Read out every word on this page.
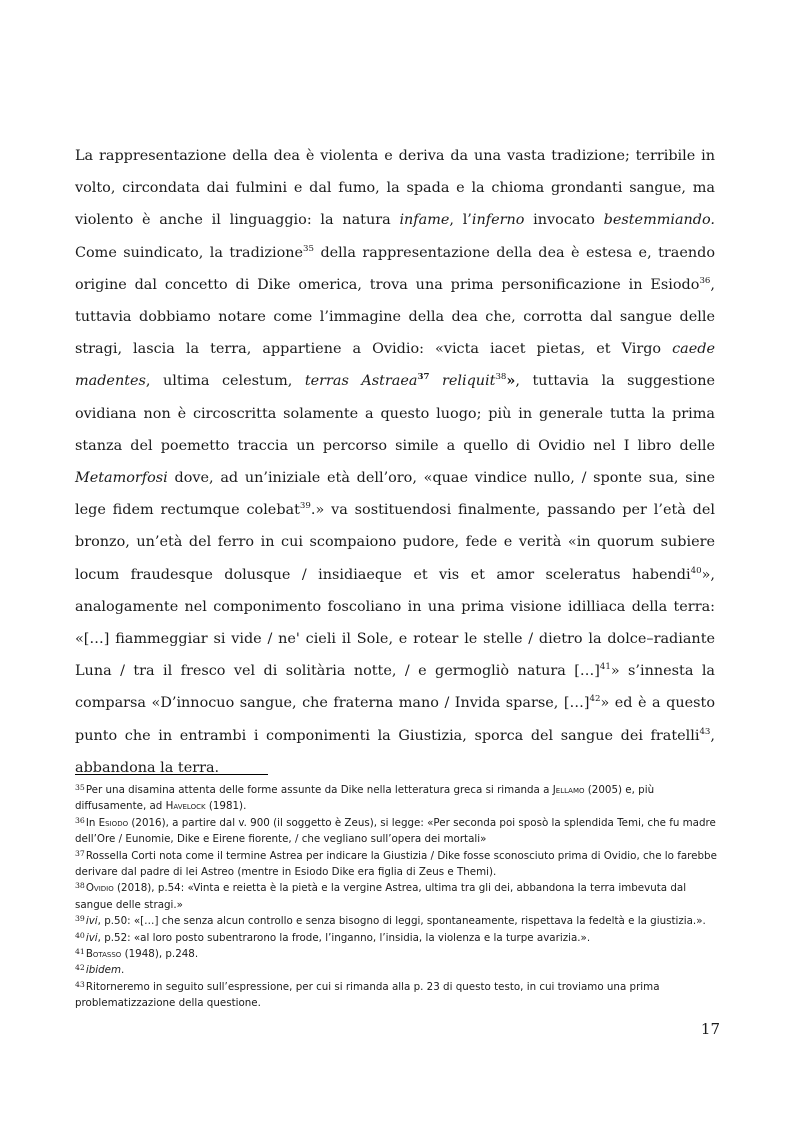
La rappresentazione della dea è violenta e deriva da una vasta tradizione; terribile in volto, circondata dai fulmini e dal fumo, la spada e la chioma grondanti sangue, ma violento è anche il linguaggio: la natura infame, l’inferno invocato bestemmiando. Come suindicato, la tradizione$^{35}$ della rappresentazione della dea è estesa e, traendo origine dal concetto di Dike omerica, trova una prima personificazione in Esiodo$^{36}$, tuttavia dobbiamo notare come l’immagine della dea che, corrotta dal sangue delle stragi, lascia la terra, appartiene a Ovidio: «victa iacet pietas, et Virgo caede madentes, ultima celestum, terras Astraea$^{37}$ reliquit$^{38}$», tuttavia la suggestione ovidiana non è circoscritta solamente a questo luogo; più in generale tutta la prima stanza del poemetto traccia un percorso simile a quello di Ovidio nel I libro delle Metamorfosi dove, ad un’iniziale età dell’oro, «quae vindice nullo, / sponte sua, sine lege fidem rectumque colebat$^{39}$.» va sostituendosi finalmente, passando per l’età del bronzo, un’età del ferro in cui scompaiono pudore, fede e verità «in quorum subiere locum fraudesque dolusque / insidiaeque et vis et amor sceleratus habendi$^{40}$», analogamente nel componimento foscoliano in una prima visione idilliaca della terra: «[…] fiammeggiar si vide / ne' cieli il Sole, e rotear le stelle / dietro la dolce–radiante Luna / tra il fresco vel di solitària notte, / e germogliò natura […]$^{41}$» s’innesta la comparsa «D’innocuo sangue, che fraterna mano / Invida sparse, […]$^{42}$» ed è a questo punto che in entrambi i componimenti la Giustizia, sporca del sangue dei fratelli$^{43}$, abbandona la terra.

$^{35}$Per una disamina attenta delle forme assunte da Dike nella letteratura greca si rimanda a Jellamo (2005) e, più diffusamente, ad Havelock (1981).

$^{36}$In Esiodo (2016), a partire dal v. 900 (il soggetto è Zeus), si legge: «Per seconda poi sposò la splendida Temi, che fu madre dell’Ore / Eunomie, Dike e Eirene fiorente, / che vegliano sull’opera dei mortali»

$^{37}$Rossella Corti nota come il termine Astrea per indicare la Giustizia / Dike fosse sconosciuto prima di Ovidio, che lo farebbe derivare dal padre di lei Astreo (mentre in Esiodo Dike era figlia di Zeus e Themi).

$^{38}$Ovidio (2018), p.54: «Vinta e reietta è la pietà e la vergine Astrea, ultima tra gli dei, abbandona la terra imbevuta dal sangue delle stragi.»

$^{39}$ivi, p.50: «[…] che senza alcun controllo e senza bisogno di leggi, spontaneamente, rispettava la fedeltà e la giustizia.».

$^{40}$ivi, p.52: «al loro posto subentrarono la frode, l’inganno, l’insidia, la violenza e la turpe avarizia.».

$^{41}$Botasso (1948), p.248.

$^{42}$ibidem.

$^{43}$Ritorneremo in seguito sull’espressione, per cui si rimanda alla p. 23 di questo testo, in cui troviamo una prima problematizzazione della questione.

17
